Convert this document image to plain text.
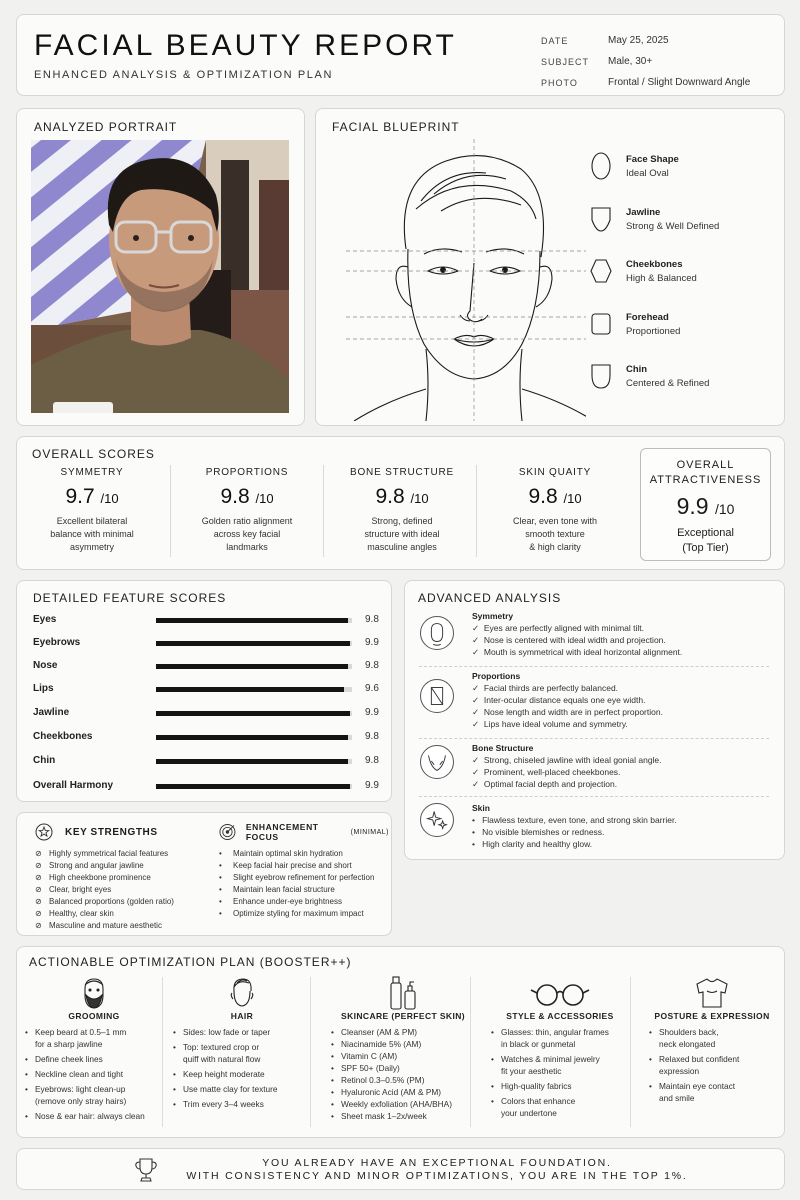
FACIAL BEAUTY REPORT
ENHANCED ANALYSIS & OPTIMIZATION PLAN
DATE	May 25, 2025
SUBJECT	Male, 30+
PHOTO	Frontal / Slight Downward Angle
ANALYZED PORTRAIT	FACIAL BLUEPRINT
Face Shape
Ideal Oval
Jawline
Strong & Well Defined
Cheekbones
High & Balanced
Forehead
Proportioned
Chin
Centered & Refined
OVERALL SCORES
SYMMETRY
9.7 /10
Excellent bilateral
balance with minimal
asymmetry
PROPORTIONS
9.8 /10
Golden ratio alignment
across key facial
landmarks
BONE STRUCTURE
9.8 /10
Strong, defined
structure with ideal
masculine angles
SKIN QUAITY
9.8 /10
Clear, even tone with
smooth texture
& high clarity
OVERALL
ATTRACTIVENESS
9.9 /10
Exceptional
(Top Tier)
DETAILED FEATURE SCORES
Eyes	9.8
Eyebrows	9.9
Nose	9.8
Lips	9.6
Jawline	9.9
Cheekbones	9.8
Chin	9.8
Overall Harmony	9.9
ADVANCED ANALYSIS
Symmetry
✓  Eyes are perfectly aligned with minimal tilt.
✓  Nose is centered with ideal width and projection.
✓  Mouth is symmetrical with ideal horizontal alignment.
Proportions
✓  Facial thirds are perfectly balanced.
✓  Inter-ocular distance equals one eye width.
✓  Nose length and width are in perfect proportion.
✓  Lips have ideal volume and symmetry.
Bone Structure
✓  Strong, chiseled jawline with ideal gonial angle.
✓  Prominent, well-placed cheekbones.
✓  Optimal facial depth and projection.
Skin
•   Flawless texture, even tone, and strong skin barrier.
•   No visible blemishes or redness.
•   High clarity and healthy glow.
KEY STRENGTHS
⊘ Highly symmetrical facial features
⊘ Strong and angular jawline
⊘ High cheekbone prominence
⊘ Clear, bright eyes
⊘ Balanced proportions (golden ratio)
⊘ Healthy, clear skin
⊘ Masculine and mature aesthetic
ENHANCEMENT FOCUS	(MINIMAL)
•	Maintain optimal skin hydration
•	Keep facial hair precise and short
•	Slight eyebrow refinement for perfection
•	Maintain lean facial structure
•	Enhance under-eye brightness
•	Optimize styling for maximum impact
ACTIONABLE OPTIMIZATION PLAN (BOOSTER++)
GROOMING
• Keep beard at 0.5–1 mm
for a sharp jawline
• Define cheek lines
• Neckline clean and tight
• Eyebrows: light clean-up
(remove only stray hairs)
• Nose & ear hair: always clean
HAIR
• Sides: low fade or taper
• Top: textured crop or
quiff with natural flow
• Keep height moderate
• Use matte clay for texture
• Trim every 3–4 weeks
SKINCARE (PERFECT SKIN)
• Cleanser (AM & PM)
• Niacinamide 5% (AM)
• Vitamin C (AM)
• SPF 50+ (Daily)
• Retinol 0.3–0.5% (PM)
• Hyaluronic Acid (AM & PM)
• Weekly exfoliation (AHA/BHA)
• Sheet mask 1–2x/week
STYLE & ACCESSORIES
• Glasses: thin, angular frames
in black or gunmetal
• Watches & minimal jewelry
fit your aesthetic
• High-quality fabrics
• Colors that enhance
your undertone
POSTURE & EXPRESSION
• Shoulders back,
neck elongated
• Relaxed but confident
expression
• Maintain eye contact
and smile
YOU ALREADY HAVE AN EXCEPTIONAL FOUNDATION.
WITH CONSISTENCY AND MINOR OPTIMIZATIONS, YOU ARE IN THE TOP 1%.
